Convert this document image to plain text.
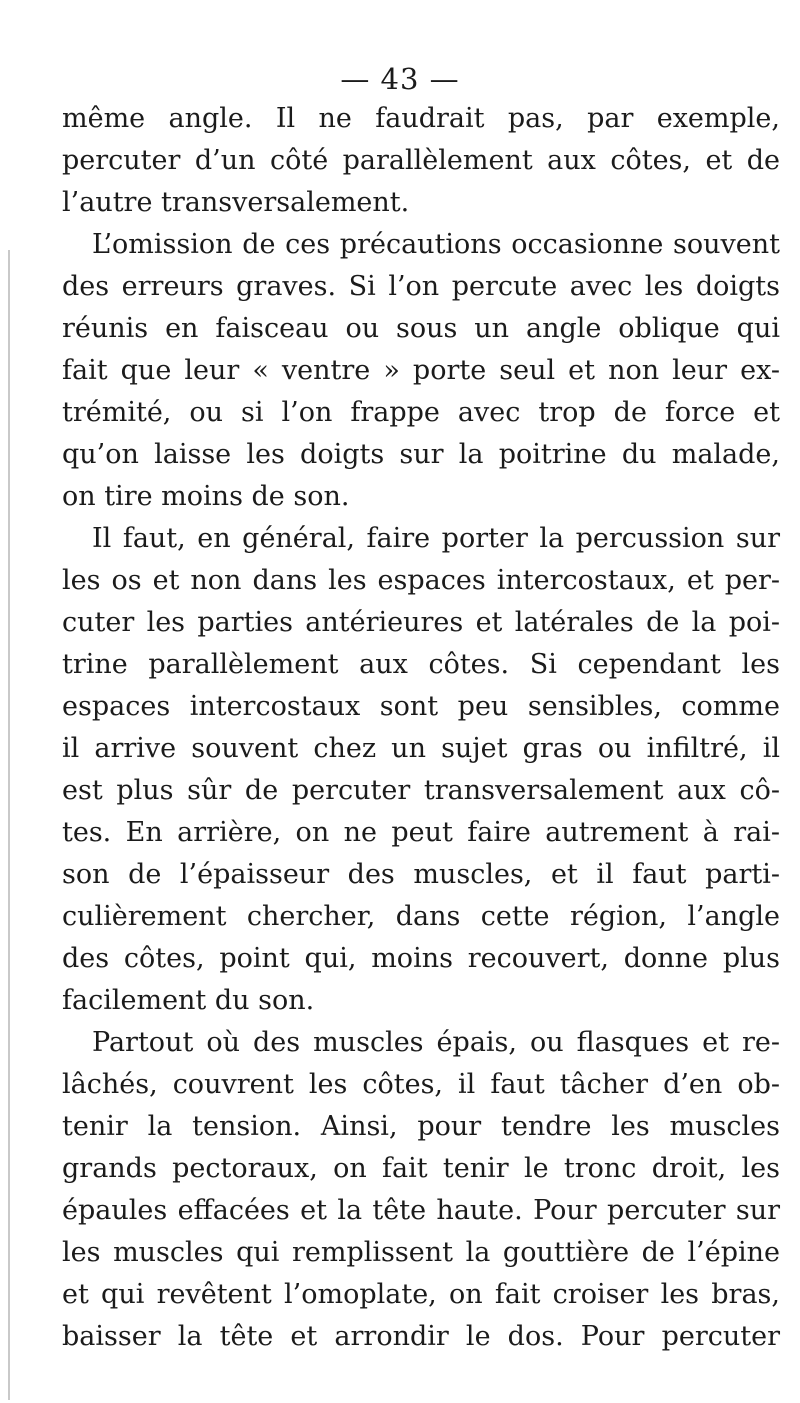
— 43 —
même angle. Il ne faudrait pas, par exemple,
percuter d’un côté parallèlement aux côtes, et de
l’autre transversalement.
L’omission de ces précautions occasionne souvent
des erreurs graves. Si l’on percute avec les doigts
réunis en faisceau ou sous un angle oblique qui
fait que leur « ventre » porte seul et non leur ex-
trémité, ou si l’on frappe avec trop de force et
qu’on laisse les doigts sur la poitrine du malade,
on tire moins de son.
Il faut, en général, faire porter la percussion sur
les os et non dans les espaces intercostaux, et per-
cuter les parties antérieures et latérales de la poi-
trine parallèlement aux côtes. Si cependant les
espaces intercostaux sont peu sensibles, comme
il arrive souvent chez un sujet gras ou infiltré, il
est plus sûr de percuter transversalement aux cô-
tes. En arrière, on ne peut faire autrement à rai-
son de l’épaisseur des muscles, et il faut parti-
culièrement chercher, dans cette région, l’angle
des côtes, point qui, moins recouvert, donne plus
facilement du son.
Partout où des muscles épais, ou flasques et re-
lâchés, couvrent les côtes, il faut tâcher d’en ob-
tenir la tension. Ainsi, pour tendre les muscles
grands pectoraux, on fait tenir le tronc droit, les
épaules effacées et la tête haute. Pour percuter sur
les muscles qui remplissent la gouttière de l’épine
et qui revêtent l’omoplate, on fait croiser les bras,
baisser la tête et arrondir le dos. Pour percuter
